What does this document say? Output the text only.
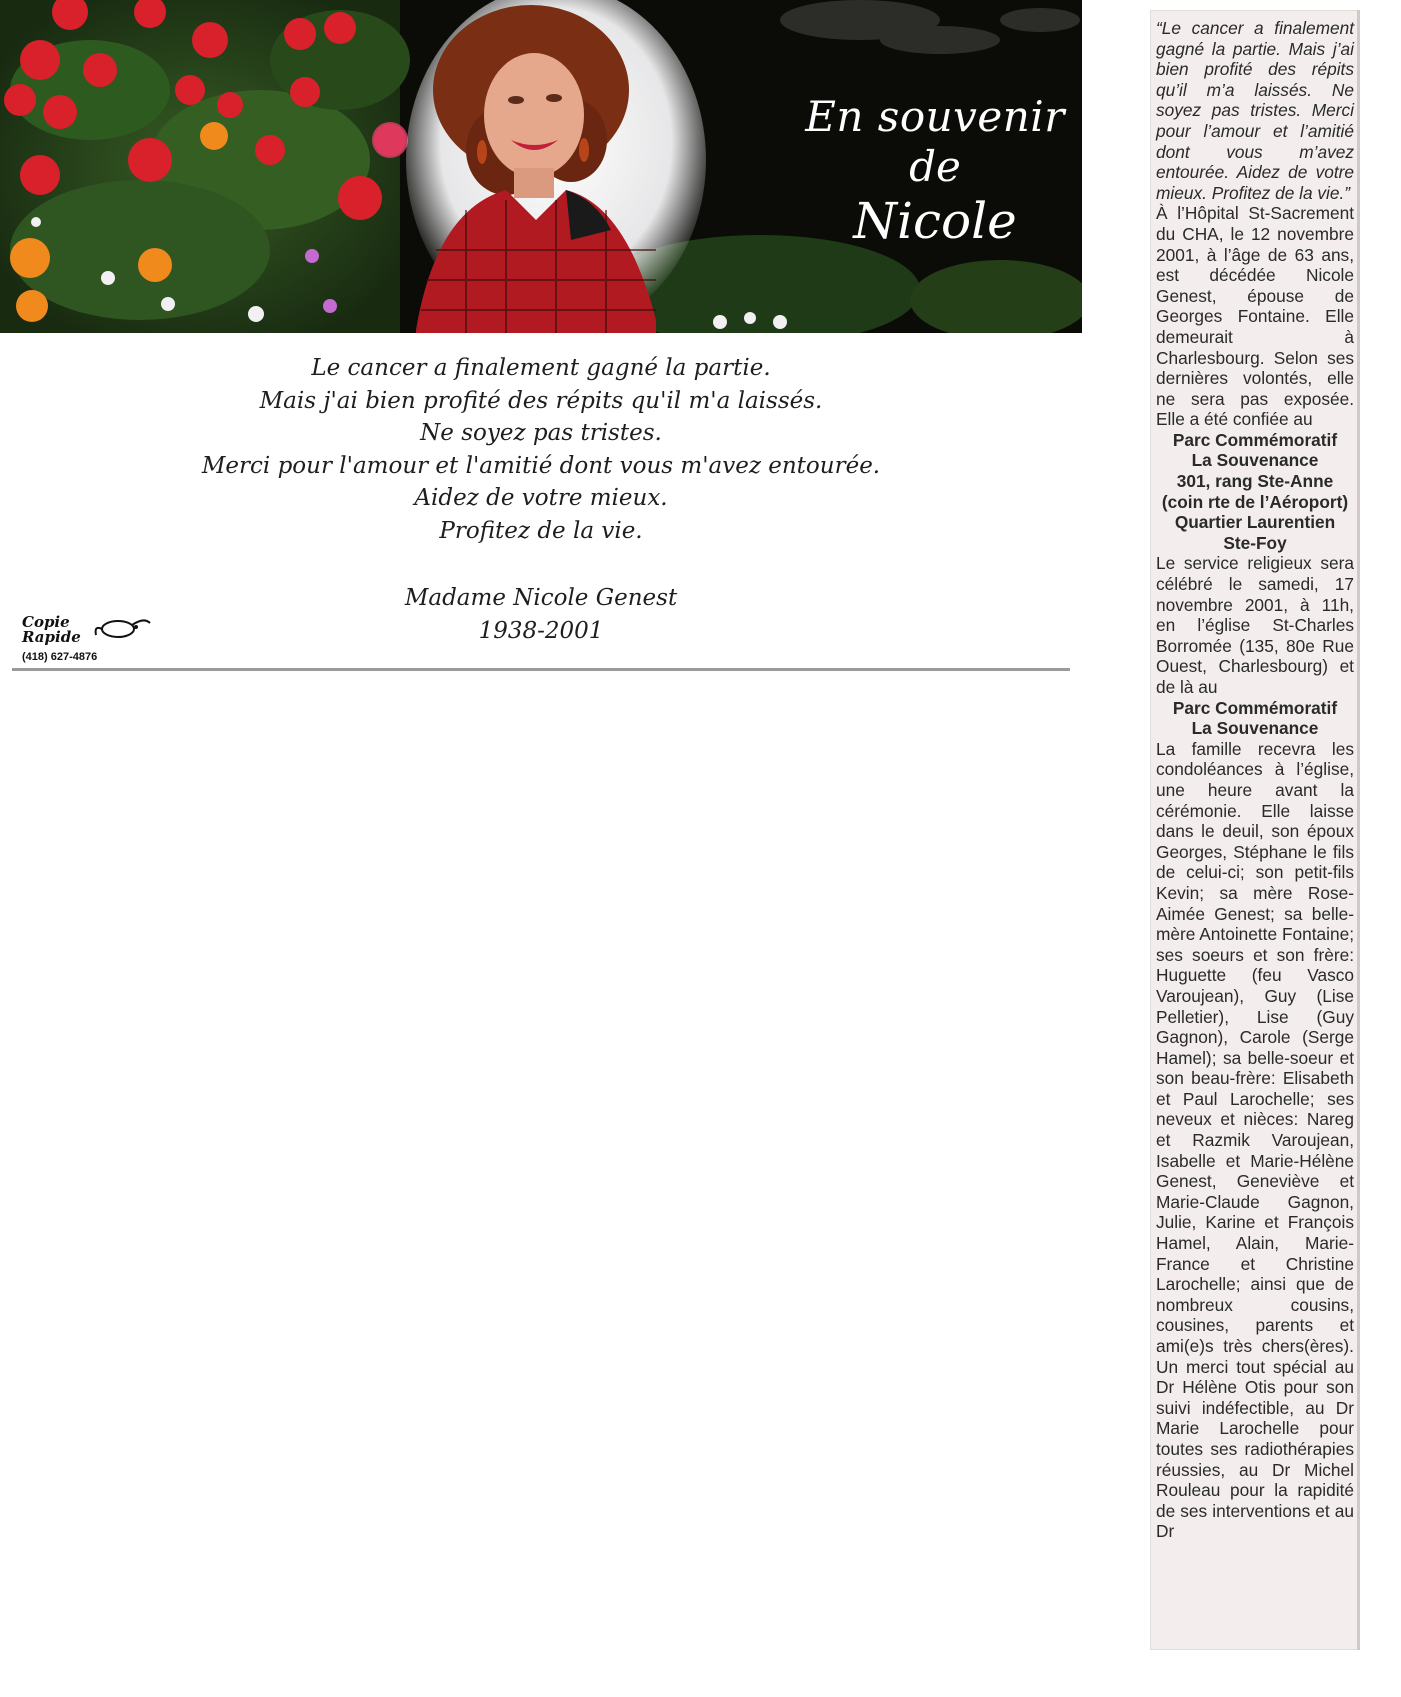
En souvenir
de
Nicole
Le cancer a finalement gagné la partie.
Mais j'ai bien profité des répits qu'il m'a laissés.
Ne soyez pas tristes.
Merci pour l'amour et l'amitié dont vous m'avez entourée.
Aidez de votre mieux.
Profitez de la vie.
Madame Nicole Genest
1938-2001
Copie
Rapide
(418) 627-4876

“Le cancer a finalement gagné la partie. Mais j’ai bien profité des répits qu’il m’a laissés. Ne soyez pas tristes. Merci pour l’amour et l’amitié dont vous m’avez entourée. Aidez de votre mieux. Profitez de la vie.”

À l’Hôpital St-Sacrement du CHA, le 12 novembre 2001, à l’âge de 63 ans, est décédée Nicole Genest, épouse de Georges Fontaine. Elle demeurait à Charlesbourg. Selon ses dernières volontés, elle ne sera pas exposée. Elle a été confiée au

Parc Commémoratif

La Souvenance

301, rang Ste-Anne

(coin rte de l’Aéroport)

Quartier Laurentien

Ste-Foy

Le service religieux sera célébré le samedi, 17 novembre 2001, à 11h, en l’église St-Charles Borromée (135, 80e Rue Ouest, Charlesbourg) et de là au

Parc Commémoratif

La Souvenance

La famille recevra les condoléances à l’église, une heure avant la cérémonie. Elle laisse dans le deuil, son époux Georges, Stéphane le fils de celui-ci; son petit-fils Kevin; sa mère Rose-Aimée Genest; sa belle-mère Antoinette Fontaine; ses soeurs et son frère: Huguette (feu Vasco Varoujean), Guy (Lise Pelletier), Lise (Guy Gagnon), Carole (Serge Hamel); sa belle-soeur et son beau-frère: Elisabeth et Paul Larochelle; ses neveux et nièces: Nareg et Razmik Varoujean, Isabelle et Marie-Hélène Genest, Geneviève et Marie-Claude Gagnon, Julie, Karine et François Hamel, Alain, Marie-France et Christine Larochelle; ainsi que de nombreux cousins, cousines, parents et ami(e)s très chers(ères). Un merci tout spécial au Dr Hélène Otis pour son suivi indéfectible, au Dr Marie Larochelle pour toutes ses radiothérapies réussies, au Dr Michel Rouleau pour la rapidité de ses interventions et au Dr
